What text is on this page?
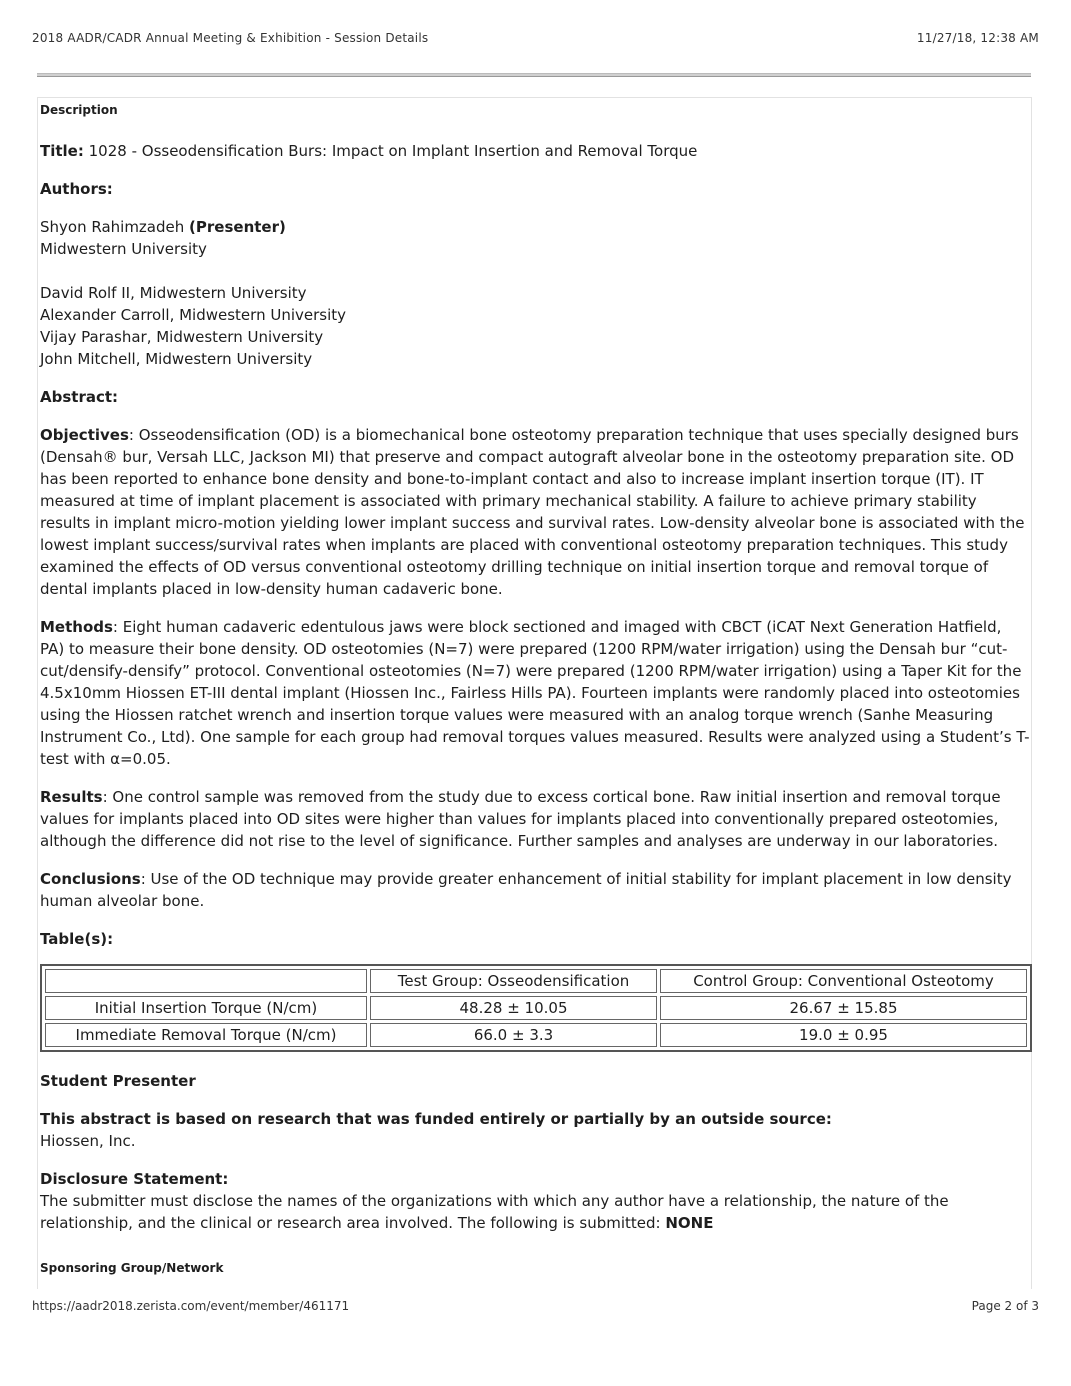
2018 AADR/CADR Annual Meeting & Exhibition - Session Details	11/27/18, 12:38 AM
Description

Title: 1028 - Osseodensification Burs: Impact on Implant Insertion and Removal Torque

Authors:

Shyon Rahimzadeh (Presenter)

Midwestern University

David Rolf II, Midwestern University
Alexander Carroll, Midwestern University
Vijay Parashar, Midwestern University
John Mitchell, Midwestern University

Abstract:

Objectives: Osseodensification (OD) is a biomechanical bone osteotomy preparation technique that uses specially designed burs (Densah® bur, Versah LLC, Jackson MI) that preserve and compact autograft alveolar bone in the osteotomy preparation site. OD has been reported to enhance bone density and bone-to-implant contact and also to increase implant insertion torque (IT). IT measured at time of implant placement is associated with primary mechanical stability. A failure to achieve primary stability results in implant micro-motion yielding lower implant success and survival rates. Low-density alveolar bone is associated with the lowest implant success/survival rates when implants are placed with conventional osteotomy preparation techniques. This study examined the effects of OD versus conventional osteotomy drilling technique on initial insertion torque and removal torque of dental implants placed in low-density human cadaveric bone.

Methods: Eight human cadaveric edentulous jaws were block sectioned and imaged with CBCT (iCAT Next Generation Hatfield, PA) to measure their bone density. OD osteotomies (N=7) were prepared (1200 RPM/water irrigation) using the Densah bur “cut-cut/densify-densify” protocol. Conventional osteotomies (N=7) were prepared (1200 RPM/water irrigation) using a Taper Kit for the 4.5x10mm Hiossen ET-III dental implant (Hiossen Inc., Fairless Hills PA). Fourteen implants were randomly placed into osteotomies using the Hiossen ratchet wrench and insertion torque values were measured with an analog torque wrench (Sanhe Measuring Instrument Co., Ltd). One sample for each group had removal torques values measured. Results were analyzed using a Student’s T-test with α=0.05.

Results: One control sample was removed from the study due to excess cortical bone. Raw initial insertion and removal torque values for implants placed into OD sites were higher than values for implants placed into conventionally prepared osteotomies, although the difference did not rise to the level of significance. Further samples and analyses are underway in our laboratories.

Conclusions: Use of the OD technique may provide greater enhancement of initial stability for implant placement in low density human alveolar bone.

Table(s):

	Test Group: Osseodensification	Control Group: Conventional Osteotomy
Initial Insertion Torque (N/cm)	48.28 ± 10.05	26.67 ± 15.85
Immediate Removal Torque (N/cm)	66.0 ± 3.3	19.0 ± 0.95

Student Presenter

This abstract is based on research that was funded entirely or partially by an outside source:

Hiossen, Inc.

Disclosure Statement:

The submitter must disclose the names of the organizations with which any author have a relationship, the nature of the relationship, and the clinical or research area involved. The following is submitted: NONE

Sponsoring Group/Network
https://aadr2018.zerista.com/event/member/461171	Page 2 of 3
